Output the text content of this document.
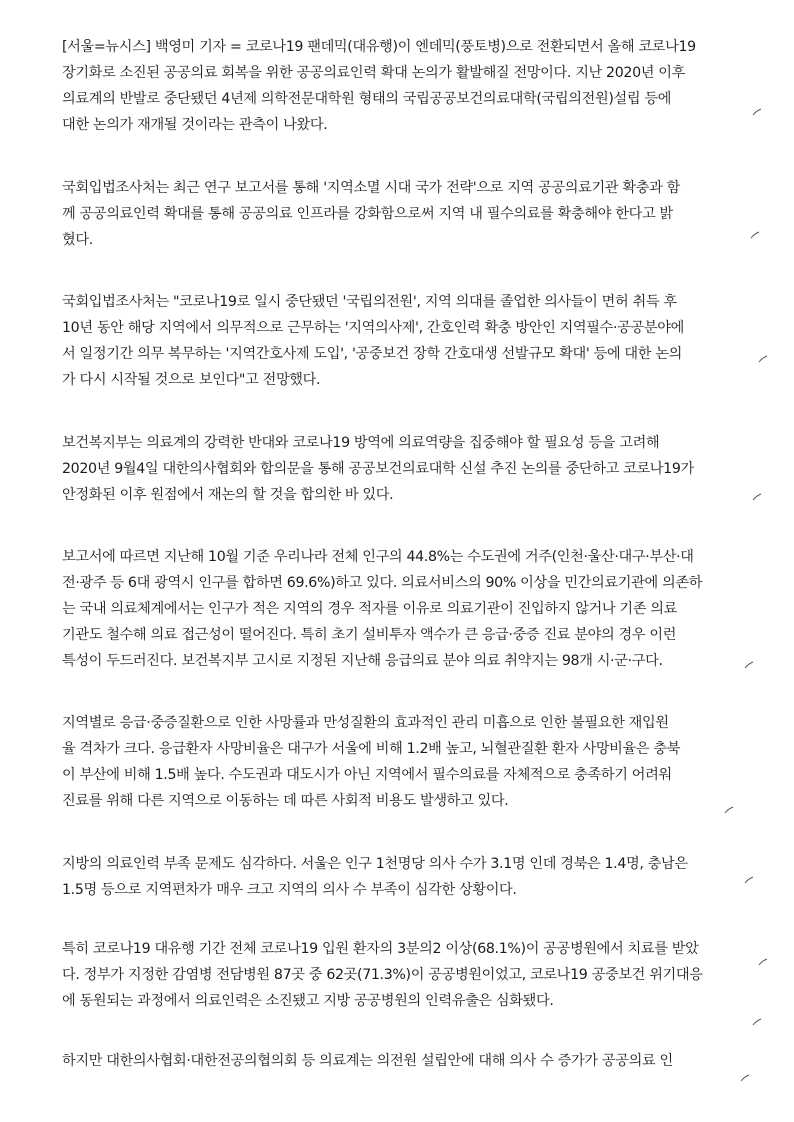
[서울=뉴시스] 백영미 기자 = 코로나19 팬데믹(대유행)이 엔데믹(풍토병)으로 전환되면서 올해 코로나19
장기화로 소진된 공공의료 회복을 위한 공공의료인력 확대 논의가 활발해질 전망이다. 지난 2020년 이후
의료계의 반발로 중단됐던 4년제 의학전문대학원 형태의 국립공공보건의료대학(국립의전원)설립 등에
대한 논의가 재개될 것이라는 관측이 나왔다.
국회입법조사처는 최근 연구 보고서를 통해 '지역소멸 시대 국가 전략'으로 지역 공공의료기관 확충과 함
께 공공의료인력 확대를 통해 공공의료 인프라를 강화함으로써 지역 내 필수의료를 확충해야 한다고 밝
혔다.
국회입법조사처는 "코로나19로 일시 중단됐던 '국립의전원', 지역 의대를 졸업한 의사들이 면허 취득 후
10년 동안 해당 지역에서 의무적으로 근무하는 '지역의사제', 간호인력 확충 방안인 지역필수·공공분야에
서 일정기간 의무 복무하는 '지역간호사제 도입', '공중보건 장학 간호대생 선발규모 확대' 등에 대한 논의
가 다시 시작될 것으로 보인다"고 전망했다.
보건복지부는 의료계의 강력한 반대와 코로나19 방역에 의료역량을 집중해야 할 필요성 등을 고려해
2020년 9월4일 대한의사협회와 합의문을 통해 공공보건의료대학 신설 추진 논의를 중단하고 코로나19가
안정화된 이후 원점에서 재논의 할 것을 합의한 바 있다.
보고서에 따르면 지난해 10월 기준 우리나라 전체 인구의 44.8%는 수도권에 거주(인천·울산·대구·부산·대
전·광주 등 6대 광역시 인구를 합하면 69.6%)하고 있다. 의료서비스의 90% 이상을 민간의료기관에 의존하
는 국내 의료체계에서는 인구가 적은 지역의 경우 적자를 이유로 의료기관이 진입하지 않거나 기존 의료
기관도 철수해 의료 접근성이 떨어진다. 특히 초기 설비투자 액수가 큰 응급·중증 진료 분야의 경우 이런
특성이 두드러진다. 보건복지부 고시로 지정된 지난해 응급의료 분야 의료 취약지는 98개 시·군·구다.
지역별로 응급·중증질환으로 인한 사망률과 만성질환의 효과적인 관리 미흡으로 인한 불필요한 재입원
율 격차가 크다. 응급환자 사망비율은 대구가 서울에 비해 1.2배 높고, 뇌혈관질환 환자 사망비율은 충북
이 부산에 비해 1.5배 높다. 수도권과 대도시가 아닌 지역에서 필수의료를 자체적으로 충족하기 어려워
진료를 위해 다른 지역으로 이동하는 데 따른 사회적 비용도 발생하고 있다.
지방의 의료인력 부족 문제도 심각하다. 서울은 인구 1천명당 의사 수가 3.1명 인데 경북은 1.4명, 충남은
1.5명 등으로 지역편차가 매우 크고 지역의 의사 수 부족이 심각한 상황이다.
특히 코로나19 대유행 기간 전체 코로나19 입원 환자의 3분의2 이상(68.1%)이 공공병원에서 치료를 받았
다. 정부가 지정한 감염병 전담병원 87곳 중 62곳(71.3%)이 공공병원이었고, 코로나19 공중보건 위기대응
에 동원되는 과정에서 의료인력은 소진됐고 지방 공공병원의 인력유출은 심화됐다.
하지만 대한의사협회·대한전공의협의회 등 의료계는 의전원 설립안에 대해 의사 수 증가가 공공의료 인
